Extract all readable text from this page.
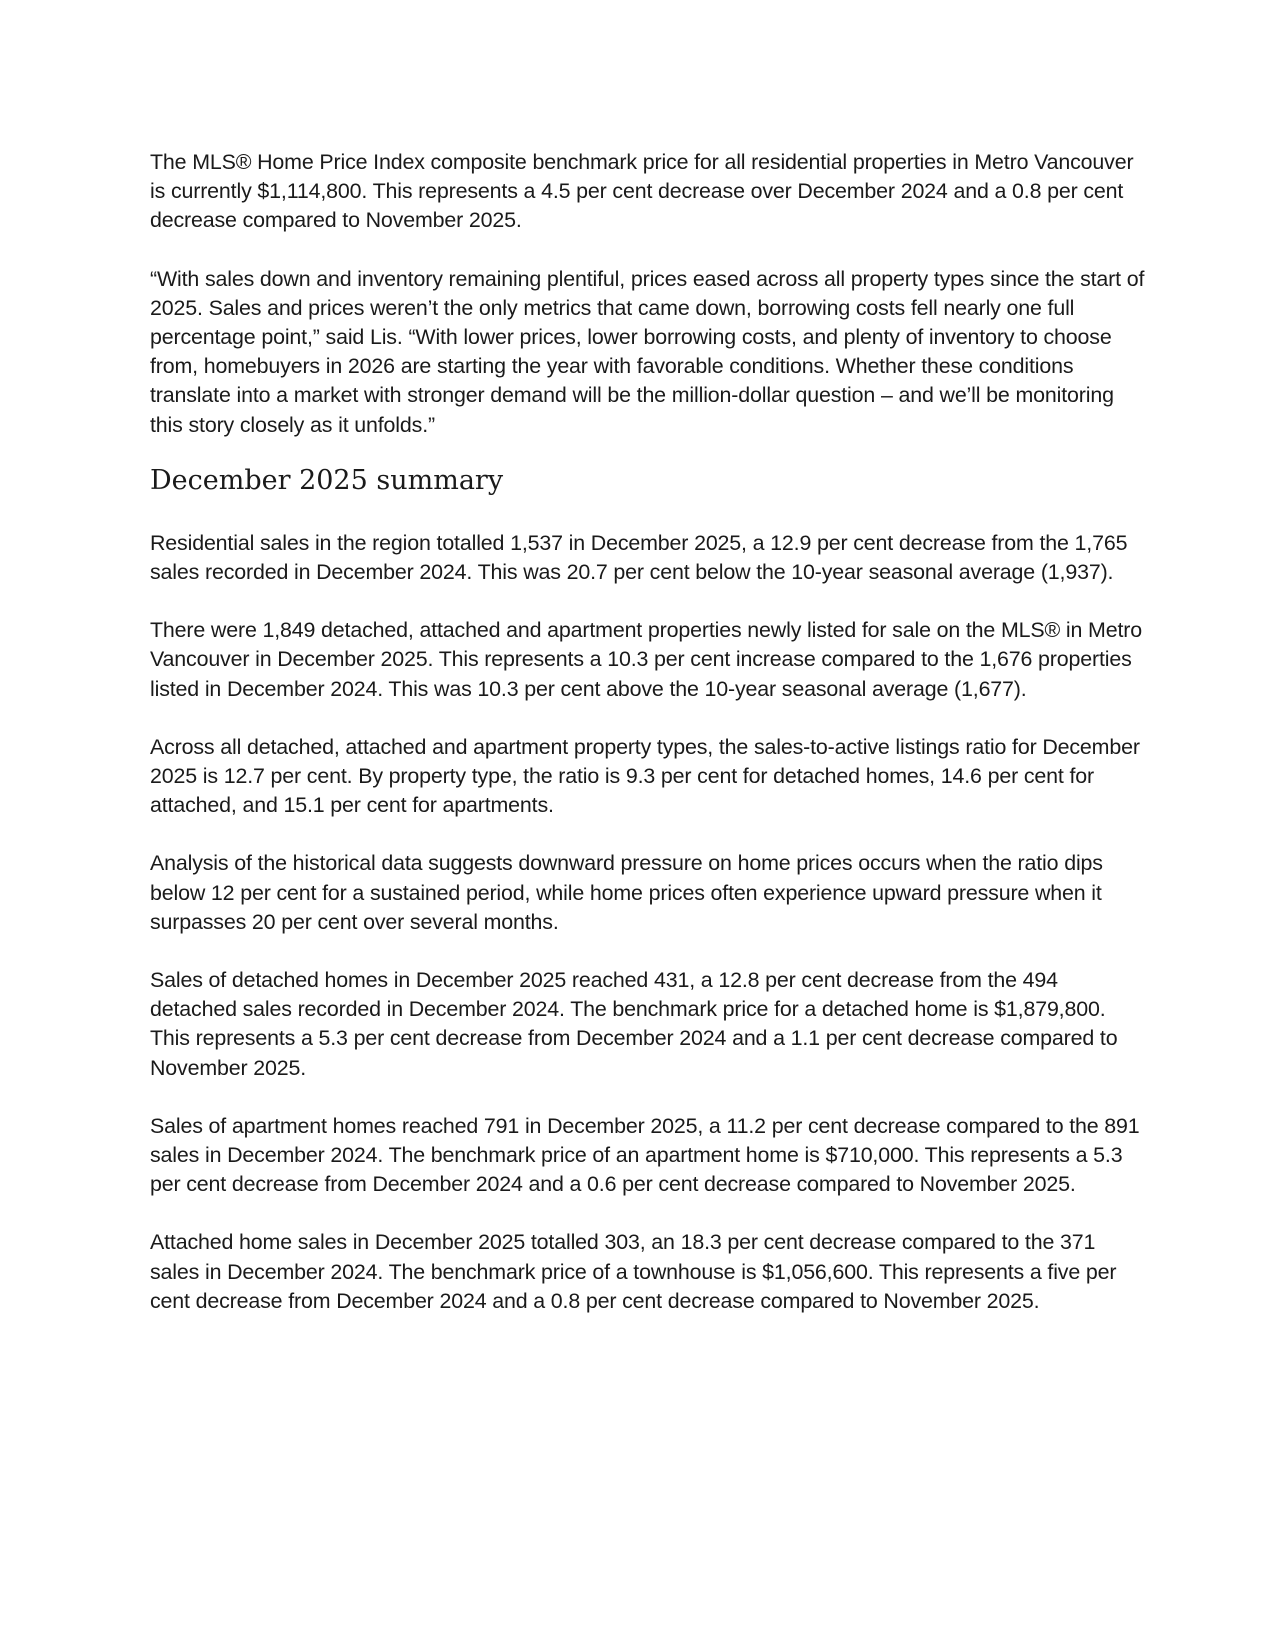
The MLS® Home Price Index composite benchmark price for all residential properties in Metro Vancouver is currently $1,114,800. This represents a 4.5 per cent decrease over December 2024 and a 0.8 per cent decrease compared to November 2025.

“With sales down and inventory remaining plentiful, prices eased across all property types since the start of 2025. Sales and prices weren’t the only metrics that came down, borrowing costs fell nearly one full percentage point,” said Lis. “With lower prices, lower borrowing costs, and plenty of inventory to choose from, homebuyers in 2026 are starting the year with favorable conditions. Whether these conditions translate into a market with stronger demand will be the million-dollar question – and we’ll be monitoring this story closely as it unfolds.”

December 2025 summary

Residential sales in the region totalled 1,537 in December 2025, a 12.9 per cent decrease from the 1,765 sales recorded in December 2024. This was 20.7 per cent below the 10-year seasonal average (1,937).

There were 1,849 detached, attached and apartment properties newly listed for sale on the MLS® in Metro Vancouver in December 2025. This represents a 10.3 per cent increase compared to the 1,676 properties listed in December 2024. This was 10.3 per cent above the 10-year seasonal average (1,677).

Across all detached, attached and apartment property types, the sales-to-active listings ratio for December 2025 is 12.7 per cent. By property type, the ratio is 9.3 per cent for detached homes, 14.6 per cent for attached, and 15.1 per cent for apartments.

Analysis of the historical data suggests downward pressure on home prices occurs when the ratio dips below 12 per cent for a sustained period, while home prices often experience upward pressure when it surpasses 20 per cent over several months.

Sales of detached homes in December 2025 reached 431, a 12.8 per cent decrease from the 494 detached sales recorded in December 2024. The benchmark price for a detached home is $1,879,800. This represents a 5.3 per cent decrease from December 2024 and a 1.1 per cent decrease compared to November 2025.

Sales of apartment homes reached 791 in December 2025, a 11.2 per cent decrease compared to the 891 sales in December 2024. The benchmark price of an apartment home is $710,000. This represents a 5.3 per cent decrease from December 2024 and a 0.6 per cent decrease compared to November 2025.

Attached home sales in December 2025 totalled 303, an 18.3 per cent decrease compared to the 371 sales in December 2024. The benchmark price of a townhouse is $1,056,600. This represents a five per cent decrease from December 2024 and a 0.8 per cent decrease compared to November 2025.
